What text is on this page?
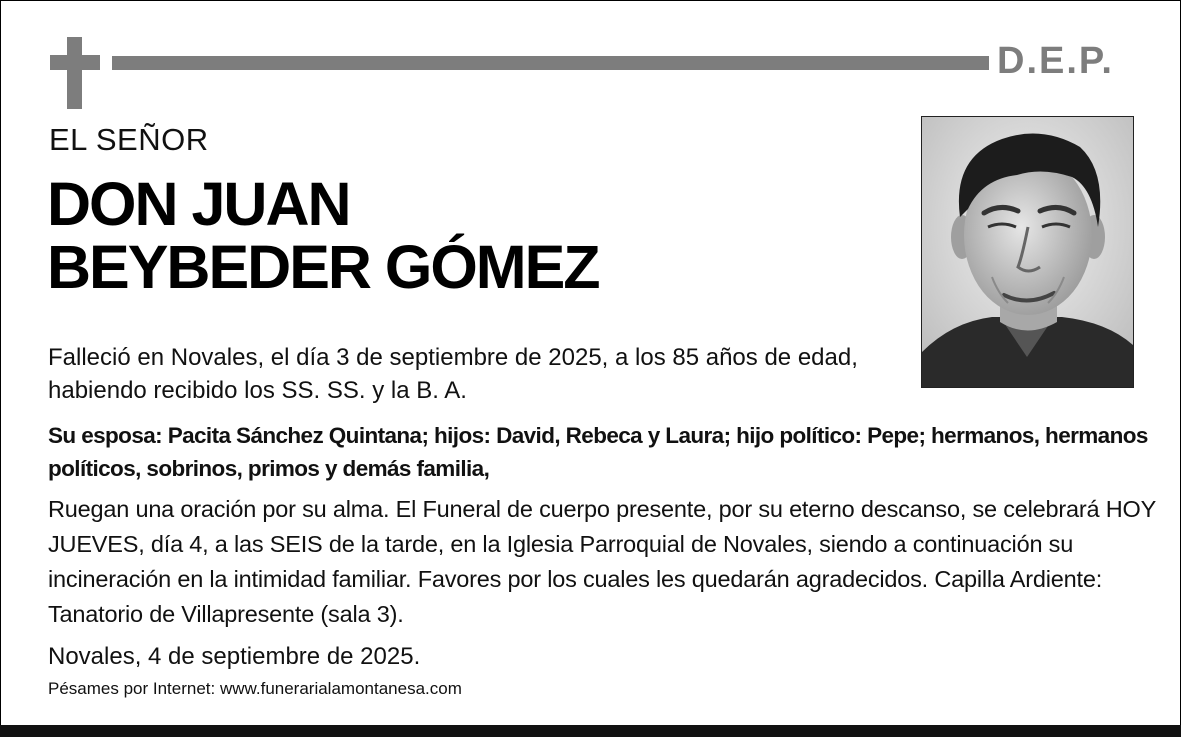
D.E.P.
EL SEÑOR
DON JUAN
BEYBEDER GÓMEZ
Falleció en Novales, el día 3 de septiembre de 2025, a los 85 años de edad, habiendo recibido los SS. SS. y la B. A.
Su esposa: Pacita Sánchez Quintana; hijos: David, Rebeca y Laura; hijo político: Pepe; hermanos, hermanos políticos, sobrinos, primos y demás familia,
Ruegan una oración por su alma. El Funeral de cuerpo presente, por su eterno descanso, se celebrará HOY JUEVES, día 4, a las SEIS de la tarde, en la Iglesia Parroquial de Novales, siendo a continuación su incineración en la intimidad familiar. Favores por los cuales les quedarán agradecidos. Capilla Ardiente: Tanatorio de Villapresente (sala 3).
Novales, 4 de septiembre de 2025.
Pésames por Internet: www.funerarialamontanesa.com
